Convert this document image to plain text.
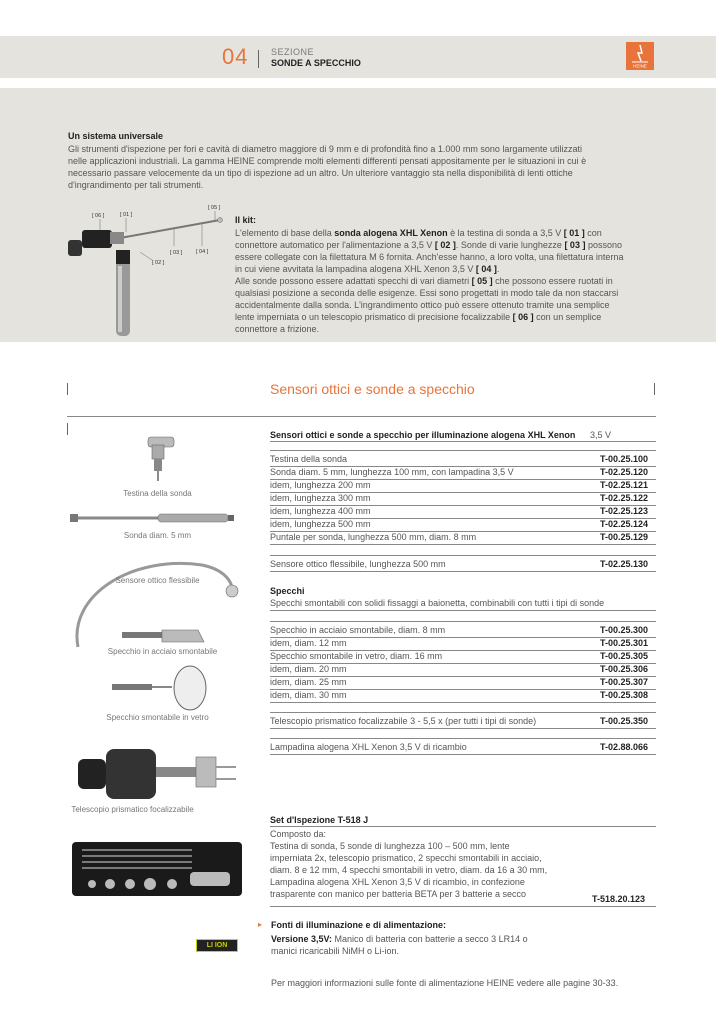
04	SEZIONE
SONDE A SPECCHIO	HEINE
Un sistema universale
Gli strumenti d'ispezione per fori e cavità di diametro maggiore di 9 mm e di profondità fino a 1.000 mm sono largamente utilizzati
nelle applicazioni industriali. La gamma HEINE comprende molti elementi differenti pensati appositamente per le situazioni in cui è
necessario passare velocemente da un tipo di ispezione ad un altro. Un ulteriore vantaggio sta nella disponibilità di lenti ottiche
d'ingrandimento per tali strumenti.
[ 06 ]	[ 01 ]
[ 05 ]
[ 03 ]	[ 04 ]
[ 02 ]
Il kit:
L'elemento di base della sonda alogena XHL Xenon è la testina di sonda a 3,5 V [ 01 ] con
connettore automatico per l'alimentazione a 3,5 V [ 02 ]. Sonde di varie lunghezze [ 03 ] possono
essere collegate con la filettatura M 6 fornita. Anch'esse hanno, a loro volta, una filettatura interna
in cui viene avvitata la lampadina alogena XHL Xenon 3,5 V [ 04 ].
Alle sonde possono essere adattati specchi di vari diametri [ 05 ] che possono essere ruotati in
qualsiasi posizione a seconda delle esigenze. Essi sono progettati in modo tale da non staccarsi
accidentalmente dalla sonda. L'ingrandimento ottico può essere ottenuto tramite una semplice
lente imperniata o un telescopio prismatico di precisione focalizzabile [ 06 ] con un semplice
connettore a frizione.
Sensori ottici e sonde a specchio
Sensori ottici e sonde a specchio per illuminazione alogena XHL Xenon 3,5 V
Testina della sonda	T-00.25.100
Sonda diam. 5 mm, lunghezza 100 mm, con lampadina 3,5 V	T-02.25.120
idem, lunghezza 200 mm	T-02.25.121
idem, lunghezza 300 mm	T-02.25.122
idem, lunghezza 400 mm	T-02.25.123
idem, lunghezza 500 mm	T-02.25.124
Puntale per sonda, lunghezza 500 mm, diam. 8 mm	T-00.25.129
Sensore ottico flessibile, lunghezza 500 mm	T-02.25.130
Specchi
Specchi smontabili con solidi fissaggi a baionetta, combinabili con tutti i tipi di sonde
Specchio in acciaio smontabile, diam. 8 mm	T-00.25.300
idem, diam. 12 mm	T-00.25.301
Specchio smontabile in vetro, diam. 16 mm	T-00.25.305
idem, diam. 20 mm	T-00.25.306
idem, diam. 25 mm	T-00.25.307
idem, diam. 30 mm	T-00.25.308
Telescopio prismatico focalizzabile 3 - 5,5 x (per tutti i tipi di sonde)	T-00.25.350
Lampadina alogena XHL Xenon 3,5 V di ricambio	T-02.88.066
Set d'Ispezione T-518 J
Composto da:
Testina di sonda, 5 sonde di lunghezza 100 – 500 mm, lente
imperniata 2x, telescopio prismatico, 2 specchi smontabili in acciaio,
diam. 8 e 12 mm, 4 specchi smontabili in vetro, diam. da 16 a 30 mm,
Lampadina alogena XHL Xenon 3,5 V di ricambio, in confezione
trasparente con manico per batteria BETA per 3 batterie a secco	T-518.20.123
▸ Fonti di illuminazione e di alimentazione:
Versione 3,5V: Manico di batteria con batterie a secco 3 LR14 o
manici ricaricabili NiMH o Li-ion.
LI ION
Per maggiori informazioni sulle fonte di alimentazione HEINE vedere alle pagine 30-33.
Testina della sonda
Sonda diam. 5 mm
Sensore ottico flessibile
Specchio in acciaio smontabile
Specchio smontabile in vetro
Telescopio prismatico focalizzabile
